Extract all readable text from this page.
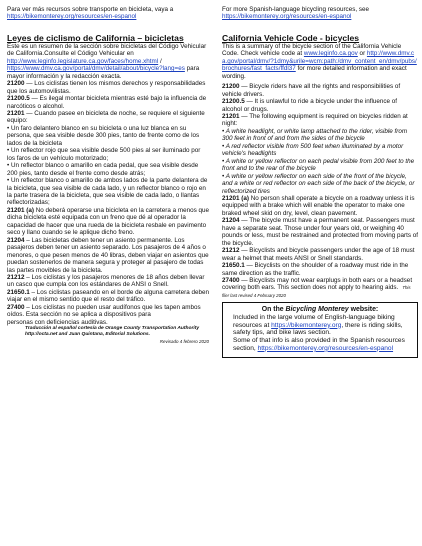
Para ver más recursos sobre transporte en bicicleta, vaya a
https://bikemonterey.org/resources/en-espanol

Leyes de ciclismo de California – bicicletas

Este es un resumen de la sección sobre bicicletas del Código Vehicular de California.Consulte el Código Vehicular en
http://www.leginfo.legislature.ca.gov/faces/home.xhtml / https://www.dmv.ca.gov/portal/dmv/detail/about/bicycle?lang=es para mayor información y la redacción exacta.

21200 — Los ciclistas tienen los mismos derechos y responsabilidades que los automovilistas.

21200.5 — Es ilegal montar bicicleta mientras esté bajo la influencia de narcóticos o alcohol.

21201 — Cuando pasee en bicicleta de noche, se requiere el siguiente equipo:

• Un faro delantero blanco en su bicicleta o una luz blanca en su persona, que sea visible desde 300 pies, tanto de frente como de los lados de la bicicleta

• Un reflector rojo que sea visible desde 500 pies al ser iluminado por los faros de un vehículo motorizado;

• Un reflector blanco o amarillo en cada pedal, que sea visible desde 200 pies, tanto desde el frente como desde atrás;

• Un reflector blanco o amarillo de ambos lados de la parte delantera de la bicicleta, que sea visible de cada lado, y un reflector blanco o rojo en la parte trasera de la bicicleta, que sea visible de cada lado, o llantas reflectorizadas;

21201 (a) No deberá operarse una bicicleta en la carretera a menos que dicha bicicleta esté equipada con un freno que dé al operador la capacidad de hacer que una rueda de la bicicleta resbale en pavimento seco y llano cuando se le aplique dicho freno.

21204 – Las bicicletas deben tener un asiento permanente. Los pasajeros deben tener un asiento separado. Los pasajeros de 4 años o menores, o que pesen menos de 40 libras, deben viajar en asientos que puedan sostenerlos de manera segura y proteger al pasajero de todas las partes movibles de la bicicleta.

21212 – Los ciclistas y los pasajeros menores de 18 años deben llevar un casco que cumpla con los estándares de ANSI o Snell.

21650.1 – Los ciclistas paseando en el borde de alguna carretera deben viajar en el mismo sentido que el resto del tráfico.

27400 – Los ciclistas no pueden usar audífonos que les tapen ambos oídos. Esta sección no se aplica a dispositivos para

personas con deficiencias auditivas.

Traducción al español cortesía de Orange County Transportation Authority http://octa.net and Juan Quintana, Editorial Solutions.

Revisado 4 febrero 2020

For more Spanish-language bicycling resources, see
https://bikemonterey.org/resources/en-espanol

California Vehicle Code - bicycles

This is a summary of the bicycle section of the California Vehicle Code. Check vehicle code at www.leginfo.ca.gov or http://www.dmv.ca.gov/portal/dmv/?1dmy&urile=wcm:path:/dmv_content_en/dmv/pubs/brochures/fast_facts/ffdl37 for more detailed information and exact wording.

21200 — Bicycle riders have all the rights and responsibilities of vehicle drivers.

21200.5 — It is unlawful to ride a bicycle under the influence of alcohol or drugs.

21201 — The following equipment is required on bicycles ridden at night:

• A white headlight, or white lamp attached to the rider, visible from 300 feet in front of and from the sides of the bicycle

• A red reflector visible from 500 feet when illuminated by a motor vehicle's headlights

• A white or yellow reflector on each pedal visible from 200 feet to the front and to the rear of the bicycle

• A white or yellow reflector on each side of the front of the bicycle, and a white or red reflector on each side of the back of the bicycle, or reflectorized tires

21201 (a) No person shall operate a bicycle on a roadway unless it is equipped with a brake which will enable the operator to make one braked wheel skid on dry, level, clean pavement.

21204 — The bicycle must have a permanent seat. Passengers must have a separate seat. Those under four years old, or weighing 40 pounds or less, must be restrained and protected from moving parts of the bicycle.

21212 — Bicyclists and bicycle passengers under the age of 18 must wear a helmet that meets ANSI or Snell standards.

21650.1 — Bicyclists on the shoulder of a roadway must ride in the same direction as the traffic.

27400 — Bicyclists may not wear earplugs in both ears or a headset covering both ears. This section does not apply to hearing aids. This flier last revised 4 February 2020

On the Bicycling Monterey website:

Included in the large volume of English-language biking resources at https://bikemonterey.org, there is riding skills, safety tips, and bike laws section.

Some of that info is also provided in the Spanish resources section, https://bikemonterey.org/resources/en-espanol
